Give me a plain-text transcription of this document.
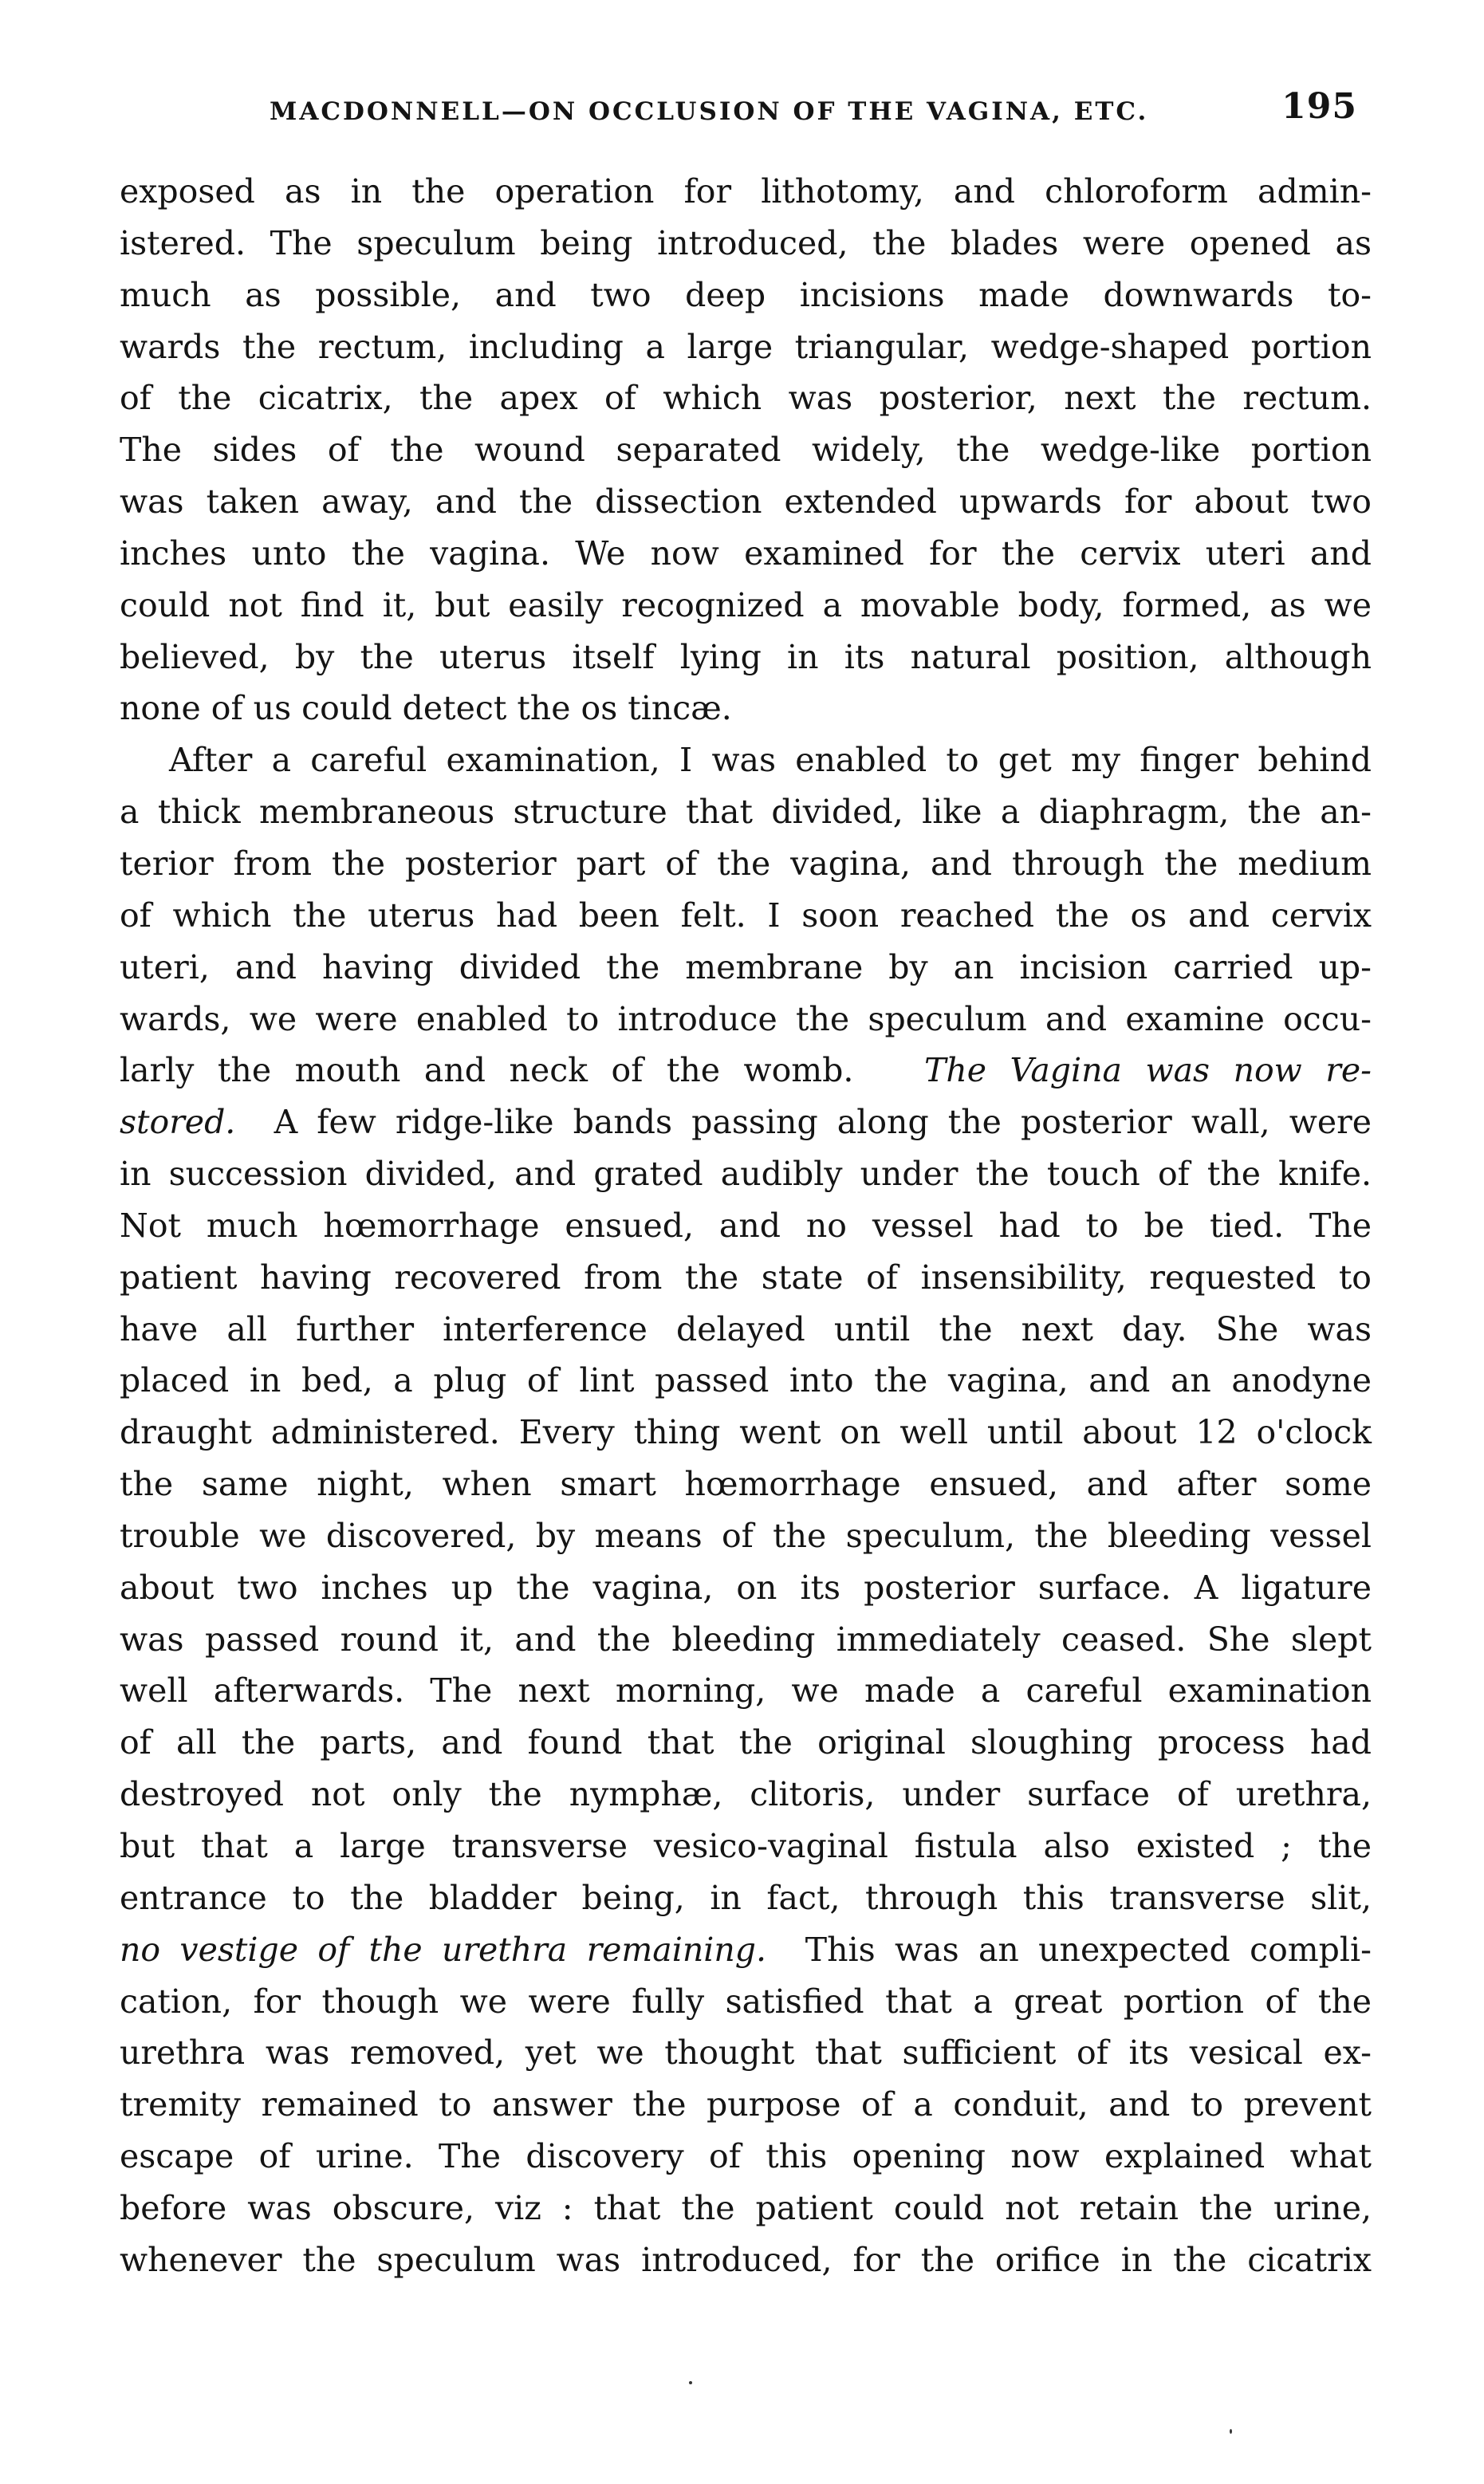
MACDONNELL—ON OCCLUSION OF THE VAGINA, ETC.	195
exposed as in the operation for lithotomy, and chloroform admin-
istered. The speculum being introduced, the blades were opened as
much as possible, and two deep incisions made downwards to-
wards the rectum, including a large triangular, wedge-shaped portion
of the cicatrix, the apex of which was posterior, next the rectum.
The sides of the wound separated widely, the wedge-like portion
was taken away, and the dissection extended upwards for about two
inches unto the vagina. We now examined for the cervix uteri and
could not find it, but easily recognized a movable body, formed, as we
believed, by the uterus itself lying in its natural position, although
none of us could detect the os tincæ.
After a careful examination, I was enabled to get my finger behind
a thick membraneous structure that divided, like a diaphragm, the an-
terior from the posterior part of the vagina, and through the medium
of which the uterus had been felt. I soon reached the os and cervix
uteri, and having divided the membrane by an incision carried up-
wards, we were enabled to introduce the speculum and examine occu-
larly the mouth and neck of the womb. The Vagina was now re-
stored. A few ridge-like bands passing along the posterior wall, were
in succession divided, and grated audibly under the touch of the knife.
Not much hœmorrhage ensued, and no vessel had to be tied. The
patient having recovered from the state of insensibility, requested to
have all further interference delayed until the next day. She was
placed in bed, a plug of lint passed into the vagina, and an anodyne
draught administered. Every thing went on well until about 12 o'clock
the same night, when smart hœmorrhage ensued, and after some
trouble we discovered, by means of the speculum, the bleeding vessel
about two inches up the vagina, on its posterior surface. A ligature
was passed round it, and the bleeding immediately ceased. She slept
well afterwards. The next morning, we made a careful examination
of all the parts, and found that the original sloughing process had
destroyed not only the nymphæ, clitoris, under surface of urethra,
but that a large transverse vesico-vaginal fistula also existed ; the
entrance to the bladder being, in fact, through this transverse slit,
no vestige of the urethra remaining. This was an unexpected compli-
cation, for though we were fully satisfied that a great portion of the
urethra was removed, yet we thought that sufficient of its vesical ex-
tremity remained to answer the purpose of a conduit, and to prevent
escape of urine. The discovery of this opening now explained what
before was obscure, viz : that the patient could not retain the urine,
whenever the speculum was introduced, for the orifice in the cicatrix
